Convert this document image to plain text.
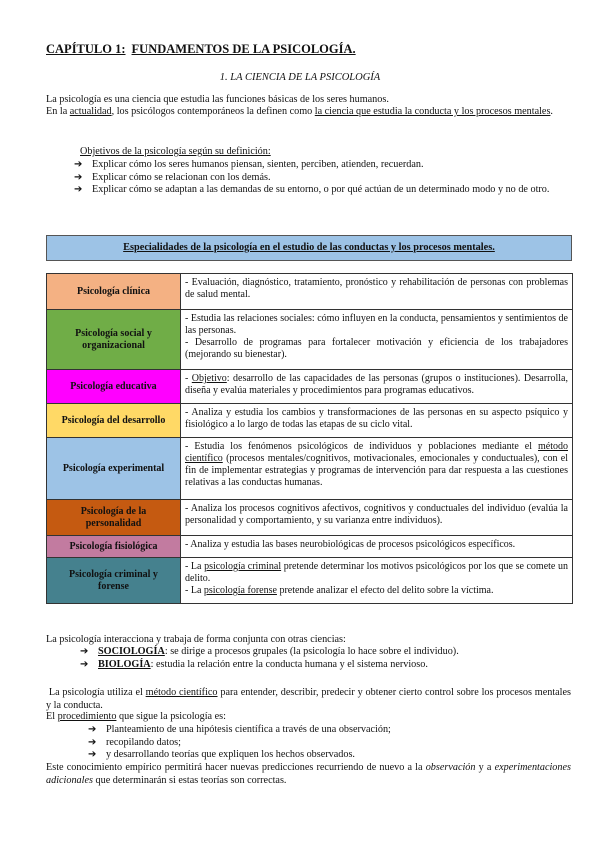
CAPÍTULO 1: FUNDAMENTOS DE LA PSICOLOGÍA.
1. LA CIENCIA DE LA PSICOLOGÍA
La psicología es una ciencia que estudia las funciones básicas de los seres humanos.
En la actualidad, los psicólogos contemporáneos la definen como la ciencia que estudia la conducta y los procesos mentales.
Objetivos de la psicología según su definición:
➔ Explicar cómo los seres humanos piensan, sienten, perciben, atienden, recuerdan.
➔ Explicar cómo se relacionan con los demás.
➔ Explicar cómo se adaptan a las demandas de su entorno, o por qué actúan de un determinado modo y no de otro.
Especialidades de la psicología en el estudio de las conductas y los procesos mentales.
Psicología clínica	- Evaluación, diagnóstico, tratamiento, pronóstico y rehabilitación de personas con problemas de salud mental.

Psicología social y organizacional	- Estudia las relaciones sociales: cómo influyen en la conducta, pensamientos y sentimientos de las personas.
- Desarrollo de programas para fortalecer motivación y eficiencia de los trabajadores (mejorando su bienestar).

Psicología educativa	- Objetivo: desarrollo de las capacidades de las personas (grupos o instituciones). Desarrolla, diseña y evalúa materiales y procedimientos para programas educativos.
Psicología del desarrollo	- Analiza y estudia los cambios y transformaciones de las personas en su aspecto psíquico y fisiológico a lo largo de todas las etapas de su ciclo vital.

Psicología experimental	- Estudia los fenómenos psicológicos de individuos y poblaciones mediante el método científico (procesos mentales/cognitivos, motivacionales, emocionales y conductuales), con el fin de implementar estrategias y programas de intervención para dar respuesta a las cuestiones relativas a las conductas humanas.
Psicología de la personalidad	- Analiza los procesos cognitivos afectivos, cognitivos y conductuales del individuo (evalúa la personalidad y comportamiento, y su varianza entre individuos).

Psicología fisiológica	- Analiza y estudia las bases neurobiológicas de procesos psicológicos específicos.

Psicología criminal y forense	- La psicología criminal pretende determinar los motivos psicológicos por los que se comete un delito.
- La psicología forense pretende analizar el efecto del delito sobre la víctima.
La psicología interacciona y trabaja de forma conjunta con otras ciencias:
➔ SOCIOLOGÍA : se dirige a procesos grupales (la psicología lo hace sobre el individuo).
➔ BIOLOGÍA : estudia la relación entre la conducta humana y el sistema nervioso.
La psicología utiliza el método científico para entender, describir, predecir y obtener cierto control sobre los procesos mentales y la conducta.
El procedimiento que sigue la psicología es:
➔ Planteamiento de una hipótesis científica a través de una observación;
➔ recopilando datos;
➔ y desarrollando teorías que expliquen los hechos observados.
Este conocimiento empírico permitirá hacer nuevas predicciones recurriendo de nuevo a la observación y a experimentaciones adicionales que determinarán si estas teorías son correctas.
